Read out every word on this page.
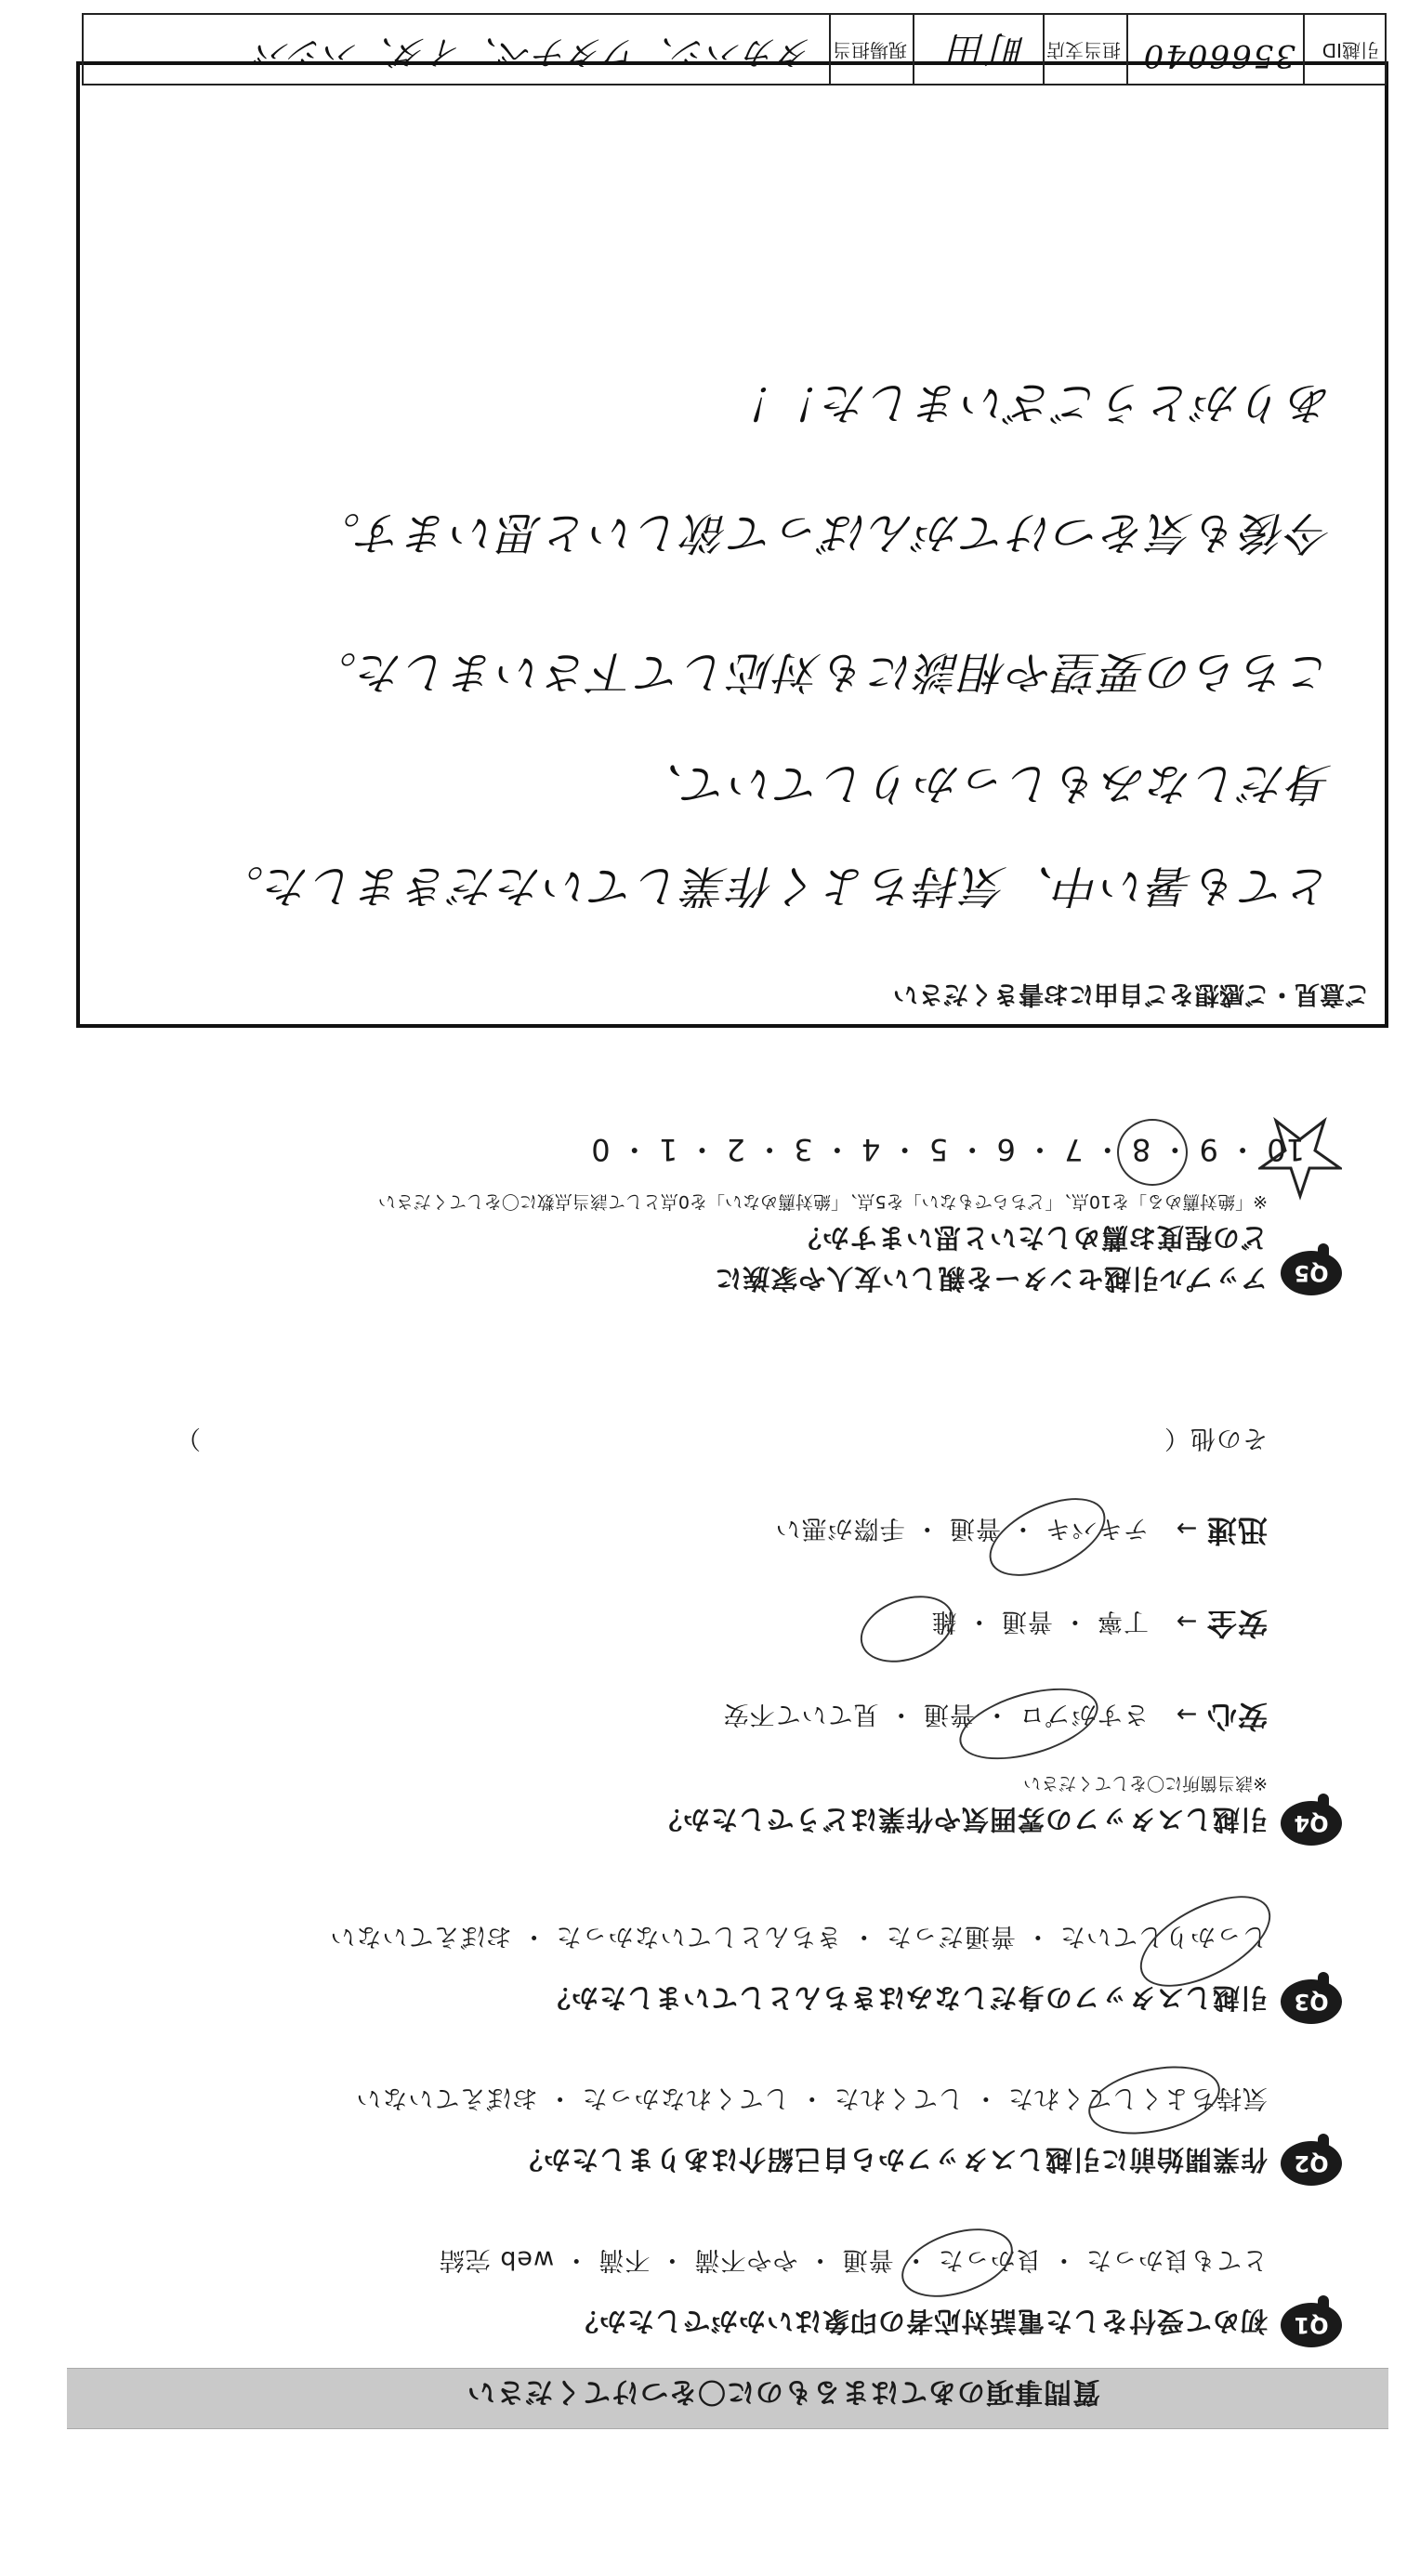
質問事項のあてはまるものに〇をつけてください
Q1
初めて受付をした電話対応者の印象はいかがでしたか？
とても良かった ・ 良かった ・ 普通 ・ やや不満 ・ 不満 ・ web 完結
Q2
作業開始前に引越しスタッフから自己紹介はありましたか？
気持ちよくしてくれた ・ してくれた ・ してくれなかった ・ おぼえていない
Q3
引越しスタッフの身だしなみはきちんとしていましたか？
しっかりしていた ・ 普通だった ・ きちんとしていなかった ・ おぼえていない
Q4
引越しスタッフの雰囲気や作業はどうでしたか？
※該当箇所に〇をしてください
安心 →   さすがプロ ・ 普通 ・ 見ていて不安
安全 →   丁寧 ・ 普通 ・ 雑
迅速 →   テキパキ ・ 普通 ・ 手際が悪い
その他（　　　　　　　　　　　　　　　　　　　　　　　　　　　　　　　　　　　　　）
Q5
アップル引越センターを親しい友人や家族に
どの程度お薦めしたいと思いますか？
※「絶対薦める」を10点、「どちらでもない」を5点、「絶対薦めない」を0点として該当点数に〇をしてください
10 ・ 9 ・ 8 ・ 7 ・ 6 ・ 5 ・ 4 ・ 3 ・ 2 ・ 1 ・ 0
ご意見・ご感想をご自由にお書きください
とても暑い中、気持ちよく作業していただきました。
身だしなみもしっかりしていて、
こちらの要望や相談にも対応して下さいました。
今後も気をつけてがんばって欲しいと思います。
ありがとうございました！！
引越ID
3566040
担当支店
町田
現場担当
タカハシ、ワタナベ、イダ、ハシバ
